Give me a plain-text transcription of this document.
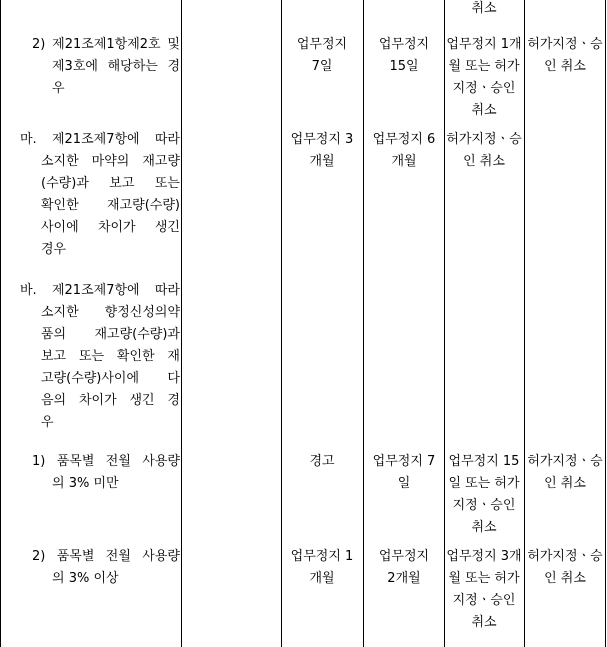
취소
2) 제21조제1항제2호 및
제3호에 해당하는 경
우
업무정지
7일
업무정지
15일
업무정지 1개
월 또는 허가
지정ㆍ승인
취소
허가지정ㆍ승
인 취소
마. 제21조제7항에 따라
소지한 마약의 재고량
(수량)과 보고 또는
확인한 재고량(수량)
사이에 차이가 생긴
경우
업무정지 3
개월
업무정지 6
개월
허가지정ㆍ승
인 취소
바. 제21조제7항에 따라
소지한 향정신성의약
품의 재고량(수량)과
보고 또는 확인한 재
고량(수량)사이에 다
음의 차이가 생긴 경
우
1) 품목별 전월 사용량
의 3% 미만
경고	업무정지 7
일
업무정지 15
일 또는 허가
지정ㆍ승인
취소
허가지정ㆍ승
인 취소
2) 품목별 전월 사용량
의 3% 이상
업무정지 1
개월
업무정지
2개월
업무정지 3개
월 또는 허가
지정ㆍ승인
취소
허가지정ㆍ승
인 취소
